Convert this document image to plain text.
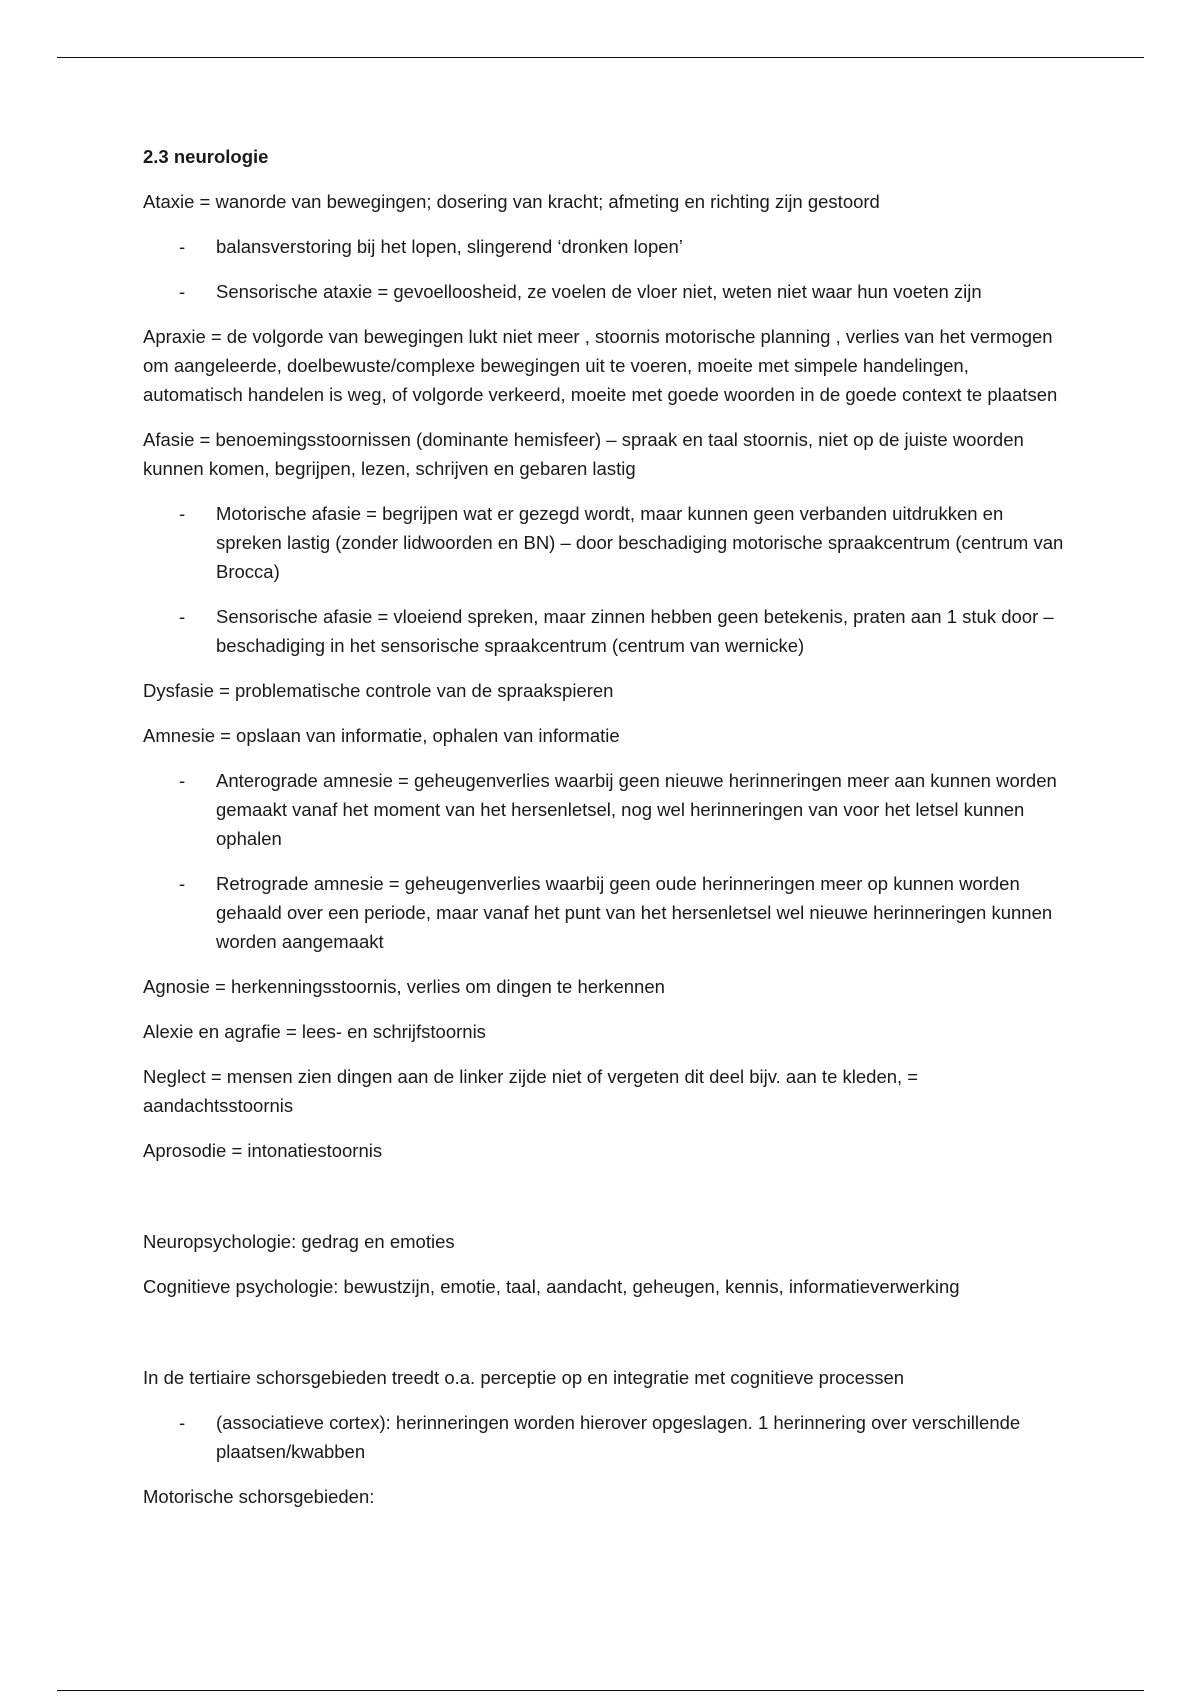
2.3 neurologie

Ataxie = wanorde van bewegingen; dosering van kracht; afmeting en richting zijn gestoord

- balansverstoring bij het lopen, slingerend ‘dronken lopen’
- Sensorische ataxie = gevoelloosheid, ze voelen de vloer niet, weten niet waar hun voeten zijn

Apraxie = de volgorde van bewegingen lukt niet meer , stoornis motorische planning , verlies van het vermogen om aangeleerde, doelbewuste/complexe bewegingen uit te voeren, moeite met simpele handelingen, automatisch handelen is weg, of volgorde verkeerd, moeite met goede woorden in de goede context te plaatsen

Afasie = benoemingsstoornissen (dominante hemisfeer) – spraak en taal stoornis, niet op de juiste woorden kunnen komen, begrijpen, lezen, schrijven en gebaren lastig

- Motorische afasie = begrijpen wat er gezegd wordt, maar kunnen geen verbanden uitdrukken en spreken lastig (zonder lidwoorden en BN) – door beschadiging motorische spraakcentrum (centrum van Brocca)
- Sensorische afasie = vloeiend spreken, maar zinnen hebben geen betekenis, praten aan 1 stuk door – beschadiging in het sensorische spraakcentrum (centrum van wernicke)

Dysfasie = problematische controle van de spraakspieren

Amnesie = opslaan van informatie, ophalen van informatie

- Anterograde amnesie = geheugenverlies waarbij geen nieuwe herinneringen meer aan kunnen worden gemaakt vanaf het moment van het hersenletsel, nog wel herinneringen van voor het letsel kunnen ophalen
- Retrograde amnesie = geheugenverlies waarbij geen oude herinneringen meer op kunnen worden gehaald over een periode, maar vanaf het punt van het hersenletsel wel nieuwe herinneringen kunnen worden aangemaakt

Agnosie = herkenningsstoornis, verlies om dingen te herkennen

Alexie en agrafie = lees- en schrijfstoornis

Neglect = mensen zien dingen aan de linker zijde niet of vergeten dit deel bijv. aan te kleden, = aandachtsstoornis

Aprosodie = intonatiestoornis

Neuropsychologie: gedrag en emoties

Cognitieve psychologie: bewustzijn, emotie, taal, aandacht, geheugen, kennis, informatieverwerking

In de tertiaire schorsgebieden treedt o.a. perceptie op en integratie met cognitieve processen

- (associatieve cortex): herinneringen worden hierover opgeslagen. 1 herinnering over verschillende plaatsen/kwabben

Motorische schorsgebieden:
